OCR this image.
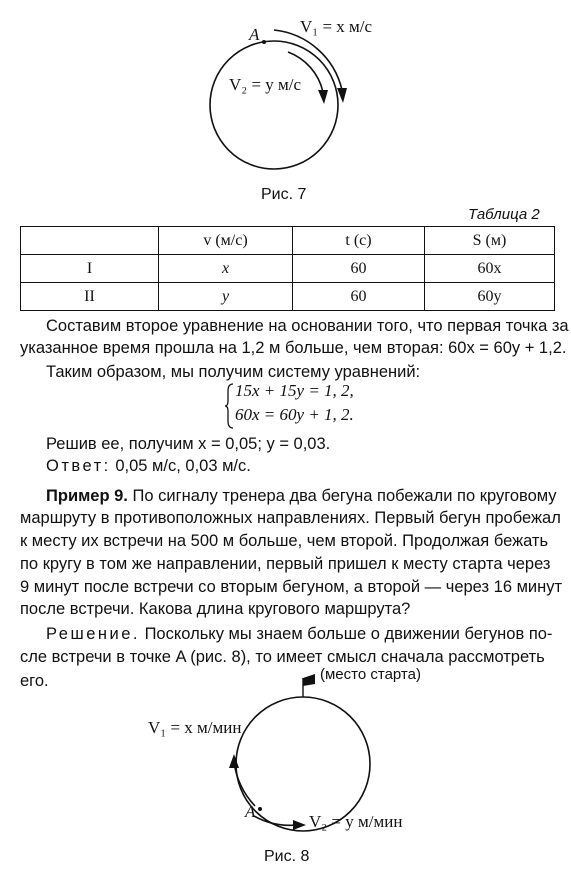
A V₁ = x м/с
V₂ = y м/с
Рис. 7
Таблица 2
	v (м/с)	t (с)	S (м)
I	x	60	60x
II	y	60	60y
Составим второе уравнение на основании того, что первая точка за
указанное время прошла на 1,2 м больше, чем вторая: 60x = 60y + 1,2.
Таким образом, мы получим систему уравнений:
15x + 15y = 1, 2,
60x = 60y + 1, 2.
Решив ее, получим x = 0,05; y = 0,03.
Ответ: 0,05 м/с, 0,03 м/с.
Пример 9. По сигналу тренера два бегуна побежали по круговому
маршруту в противоположных направлениях. Первый бегун пробежал
к месту их встречи на 500 м больше, чем второй. Продолжая бежать
по кругу в том же направлении, первый пришел к месту старта через
9 минут после встречи со вторым бегуном, а второй — через 16 минут
после встречи. Какова длина кругового маршрута?
Решение. Поскольку мы знаем больше о движении бегунов по-
сле встречи в точке A (рис. 8), то имеет смысл сначала рассмотреть его.	(место старта)
V₁ = x м/мин
A
V₂ = y м/мин
Рис. 8
